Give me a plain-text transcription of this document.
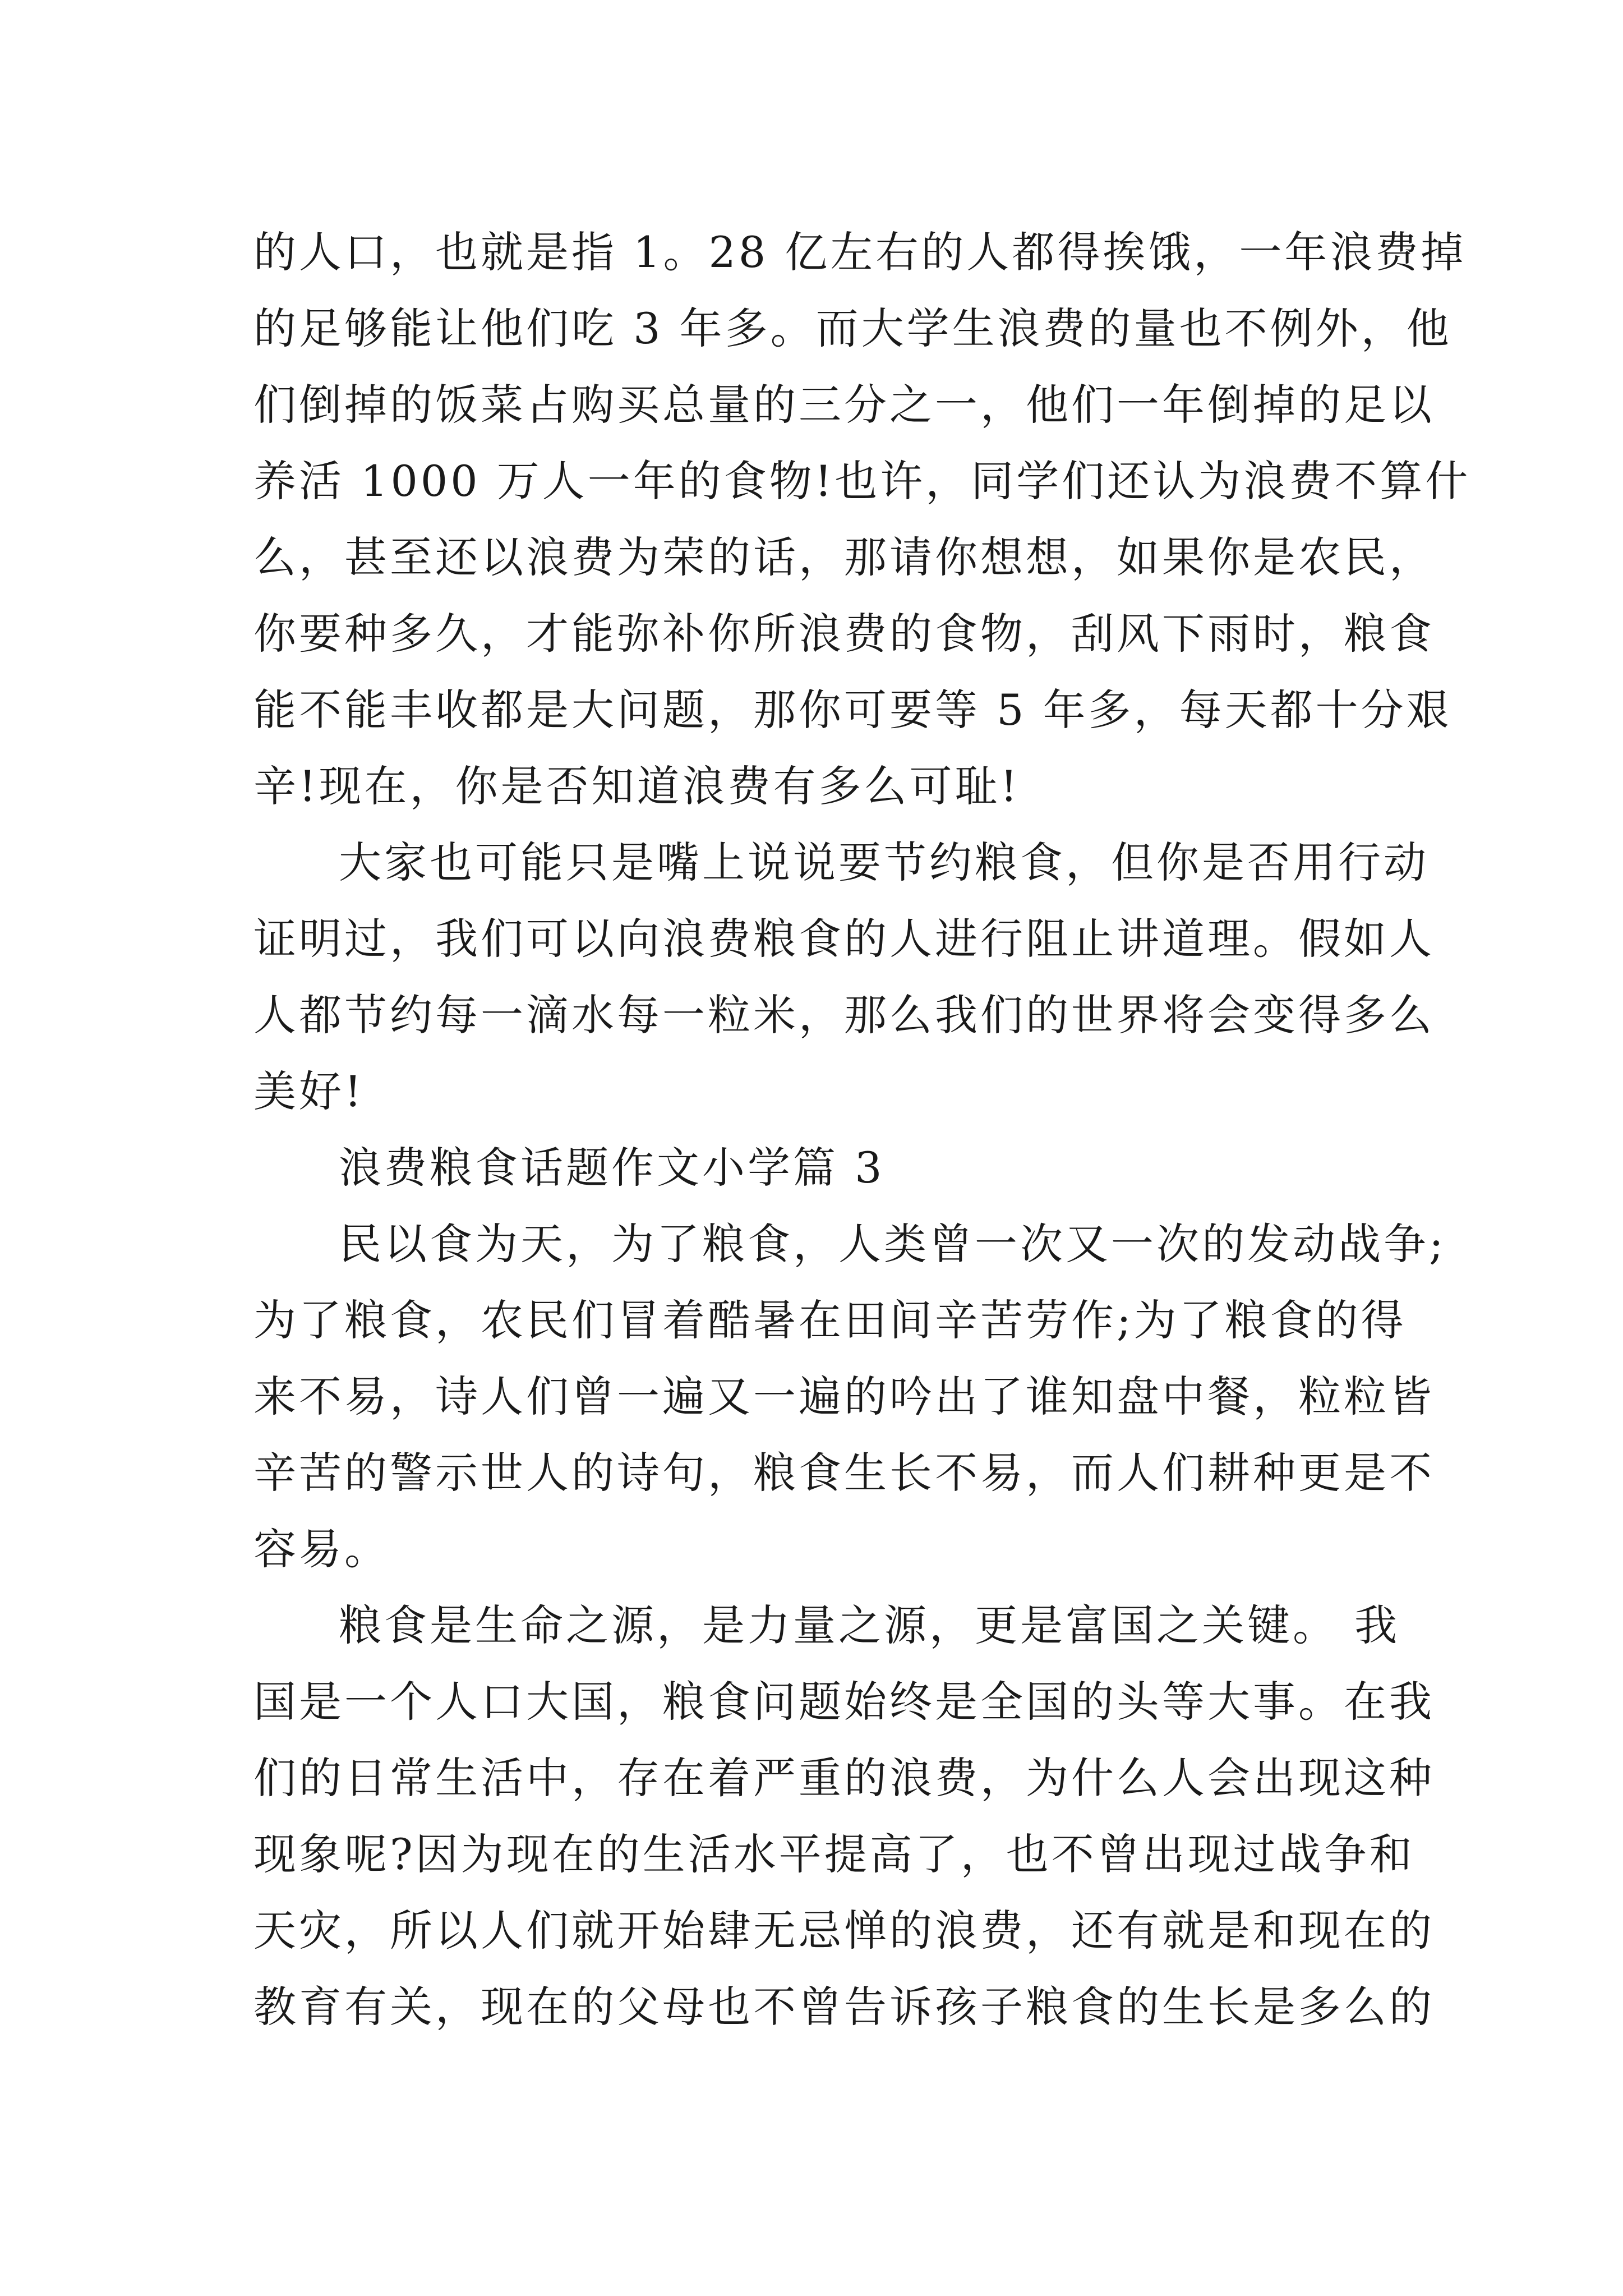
的人口，也就是指 1。28 亿左右的人都得挨饿，一年浪费掉
的足够能让他们吃 3 年多。而大学生浪费的量也不例外，他
们倒掉的饭菜占购买总量的三分之一，他们一年倒掉的足以
养活 1000 万人一年的食物!也许，同学们还认为浪费不算什
么，甚至还以浪费为荣的话，那请你想想，如果你是农民，
你要种多久，才能弥补你所浪费的食物，刮风下雨时，粮食
能不能丰收都是大问题，那你可要等 5 年多，每天都十分艰
辛!现在，你是否知道浪费有多么可耻!
大家也可能只是嘴上说说要节约粮食，但你是否用行动
证明过，我们可以向浪费粮食的人进行阻止讲道理。假如人
人都节约每一滴水每一粒米，那么我们的世界将会变得多么
美好!
浪费粮食话题作文小学篇 3
民以食为天，为了粮食，人类曾一次又一次的发动战争;
为了粮食，农民们冒着酷暑在田间辛苦劳作;为了粮食的得
来不易，诗人们曾一遍又一遍的吟出了谁知盘中餐，粒粒皆
辛苦的警示世人的诗句，粮食生长不易，而人们耕种更是不
容易。
粮食是生命之源，是力量之源，更是富国之关键。 我
国是一个人口大国，粮食问题始终是全国的头等大事。在我
们的日常生活中，存在着严重的浪费，为什么人会出现这种
现象呢?因为现在的生活水平提高了，也不曾出现过战争和
天灾，所以人们就开始肆无忌惮的浪费，还有就是和现在的
教育有关，现在的父母也不曾告诉孩子粮食的生长是多么的
